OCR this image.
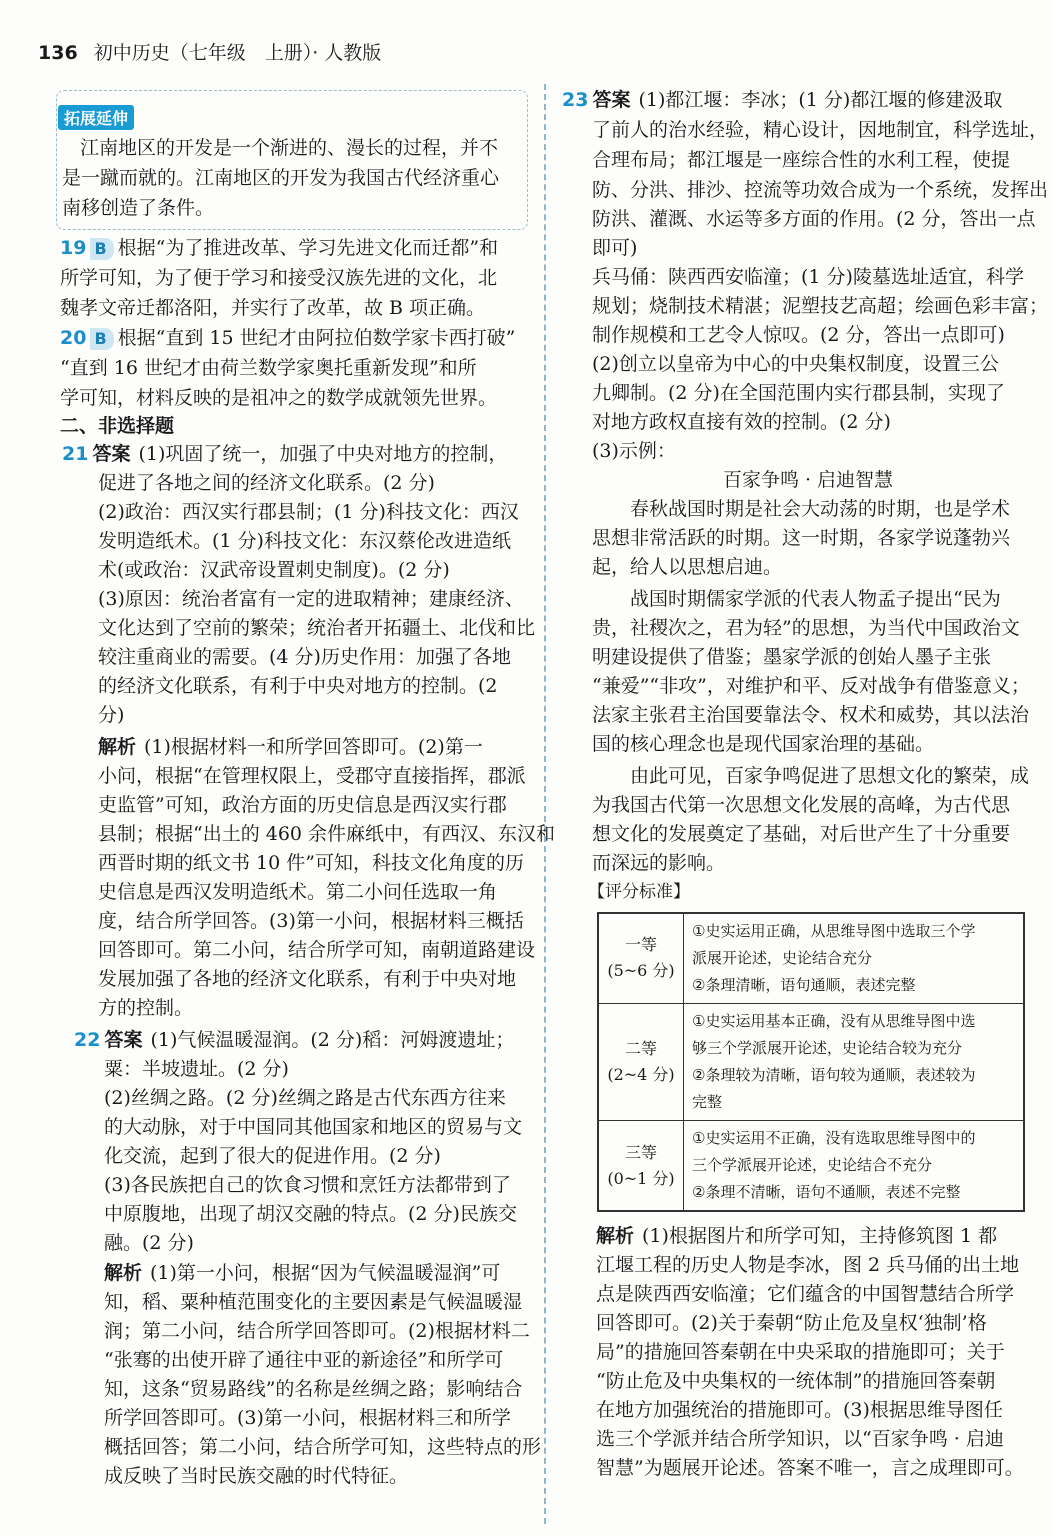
136 初中历史（七年级　上册）· 人教版
拓展延伸
江南地区的开发是一个渐进的、漫长的过程，并不
是一蹴而就的。江南地区的开发为我国古代经济重心
南移创造了条件。
19 B 根据“为了推进改革、学习先进文化而迁都”和
所学可知，为了便于学习和接受汉族先进的文化，北
魏孝文帝迁都洛阳，并实行了改革，故 B 项正确。
20 B 根据“直到 15 世纪才由阿拉伯数学家卡西打破”
“直到 16 世纪才由荷兰数学家奥托重新发现”和所
学可知，材料反映的是祖冲之的数学成就领先世界。
二、非选择题
21 答案 (1)巩固了统一，加强了中央对地方的控制，
促进了各地之间的经济文化联系。(2 分)
(2)政治：西汉实行郡县制；(1 分)科技文化：西汉
发明造纸术。(1 分)科技文化：东汉蔡伦改进造纸
术(或政治：汉武帝设置刺史制度)。(2 分)
(3)原因：统治者富有一定的进取精神；建康经济、
文化达到了空前的繁荣；统治者开拓疆土、北伐和比
较注重商业的需要。(4 分)历史作用：加强了各地
的经济文化联系，有利于中央对地方的控制。(2
分)
解析 (1)根据材料一和所学回答即可。(2)第一
小问，根据“在管理权限上，受郡守直接指挥，郡派
吏监管”可知，政治方面的历史信息是西汉实行郡
县制；根据“出土的 460 余件麻纸中，有西汉、东汉和
西晋时期的纸文书 10 件”可知，科技文化角度的历
史信息是西汉发明造纸术。第二小问任选取一角
度，结合所学回答。(3)第一小问，根据材料三概括
回答即可。第二小问，结合所学可知，南朝道路建设
发展加强了各地的经济文化联系，有利于中央对地
方的控制。
22 答案 (1)气候温暖湿润。(2 分)稻：河姆渡遗址；
粟：半坡遗址。(2 分)
(2)丝绸之路。(2 分)丝绸之路是古代东西方往来
的大动脉，对于中国同其他国家和地区的贸易与文
化交流，起到了很大的促进作用。(2 分)
(3)各民族把自己的饮食习惯和烹饪方法都带到了
中原腹地，出现了胡汉交融的特点。(2 分)民族交
融。(2 分)
解析 (1)第一小问，根据“因为气候温暖湿润”可
知，稻、粟种植范围变化的主要因素是气候温暖湿
润；第二小问，结合所学回答即可。(2)根据材料二
“张骞的出使开辟了通往中亚的新途径”和所学可
知，这条“贸易路线”的名称是丝绸之路；影响结合
所学回答即可。(3)第一小问，根据材料三和所学
概括回答；第二小问，结合所学可知，这些特点的形
成反映了当时民族交融的时代特征。
23 答案 (1)都江堰：李冰；(1 分)都江堰的修建汲取
了前人的治水经验，精心设计，因地制宜，科学选址，
合理布局；都江堰是一座综合性的水利工程，使提
防、分洪、排沙、控流等功效合成为一个系统，发挥出
防洪、灌溉、水运等多方面的作用。(2 分，答出一点
即可)
兵马俑：陕西西安临潼；(1 分)陵墓选址适宜，科学
规划；烧制技术精湛；泥塑技艺高超；绘画色彩丰富；
制作规模和工艺令人惊叹。(2 分，答出一点即可)
(2)创立以皇帝为中心的中央集权制度，设置三公
九卿制。(2 分)在全国范围内实行郡县制，实现了
对地方政权直接有效的控制。(2 分)
(3)示例：
百家争鸣 · 启迪智慧
春秋战国时期是社会大动荡的时期，也是学术
思想非常活跃的时期。这一时期，各家学说蓬勃兴
起，给人以思想启迪。
战国时期儒家学派的代表人物孟子提出“民为
贵，社稷次之，君为轻”的思想，为当代中国政治文
明建设提供了借鉴；墨家学派的创始人墨子主张
“兼爱”“非攻”，对维护和平、反对战争有借鉴意义；
法家主张君主治国要靠法令、权术和威势，其以法治
国的核心理念也是现代国家治理的基础。
由此可见，百家争鸣促进了思想文化的繁荣，成
为我国古代第一次思想文化发展的高峰，为古代思
想文化的发展奠定了基础，对后世产生了十分重要
而深远的影响。
【评分标准】
一等
(5~6 分)	①史实运用正确，从思维导图中选取三个学
派展开论述，史论结合充分
②条理清晰，语句通顺，表述完整
二等
(2~4 分)	①史实运用基本正确，没有从思维导图中选
够三个学派展开论述，史论结合较为充分
②条理较为清晰，语句较为通顺，表述较为
完整
三等
(0~1 分)	①史实运用不正确，没有选取思维导图中的
三个学派展开论述，史论结合不充分
②条理不清晰，语句不通顺，表述不完整
解析 (1)根据图片和所学可知，主持修筑图 1 都
江堰工程的历史人物是李冰，图 2 兵马俑的出土地
点是陕西西安临潼；它们蕴含的中国智慧结合所学
回答即可。(2)关于秦朝“防止危及皇权‘独制’格
局”的措施回答秦朝在中央采取的措施即可；关于
“防止危及中央集权的一统体制”的措施回答秦朝
在地方加强统治的措施即可。(3)根据思维导图任
选三个学派并结合所学知识，以“百家争鸣 · 启迪
智慧”为题展开论述。答案不唯一，言之成理即可。
